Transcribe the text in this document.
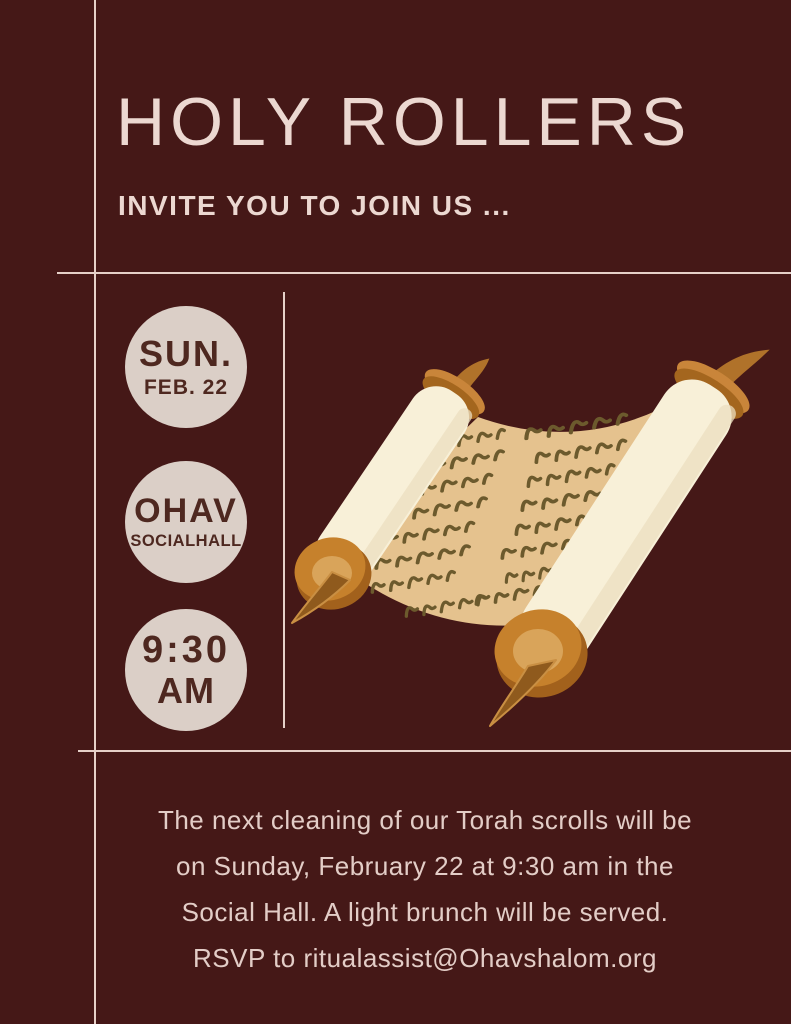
HOLY ROLLERS
INVITE YOU TO JOIN US ...
SUN.
FEB. 22
OHAV
SOCIALHALL
9:30
AM
The next cleaning of our Torah scrolls will be
on Sunday, February 22 at 9:30 am in the
Social Hall. A light brunch will be served.
RSVP to ritualassist@Ohavshalom.org
